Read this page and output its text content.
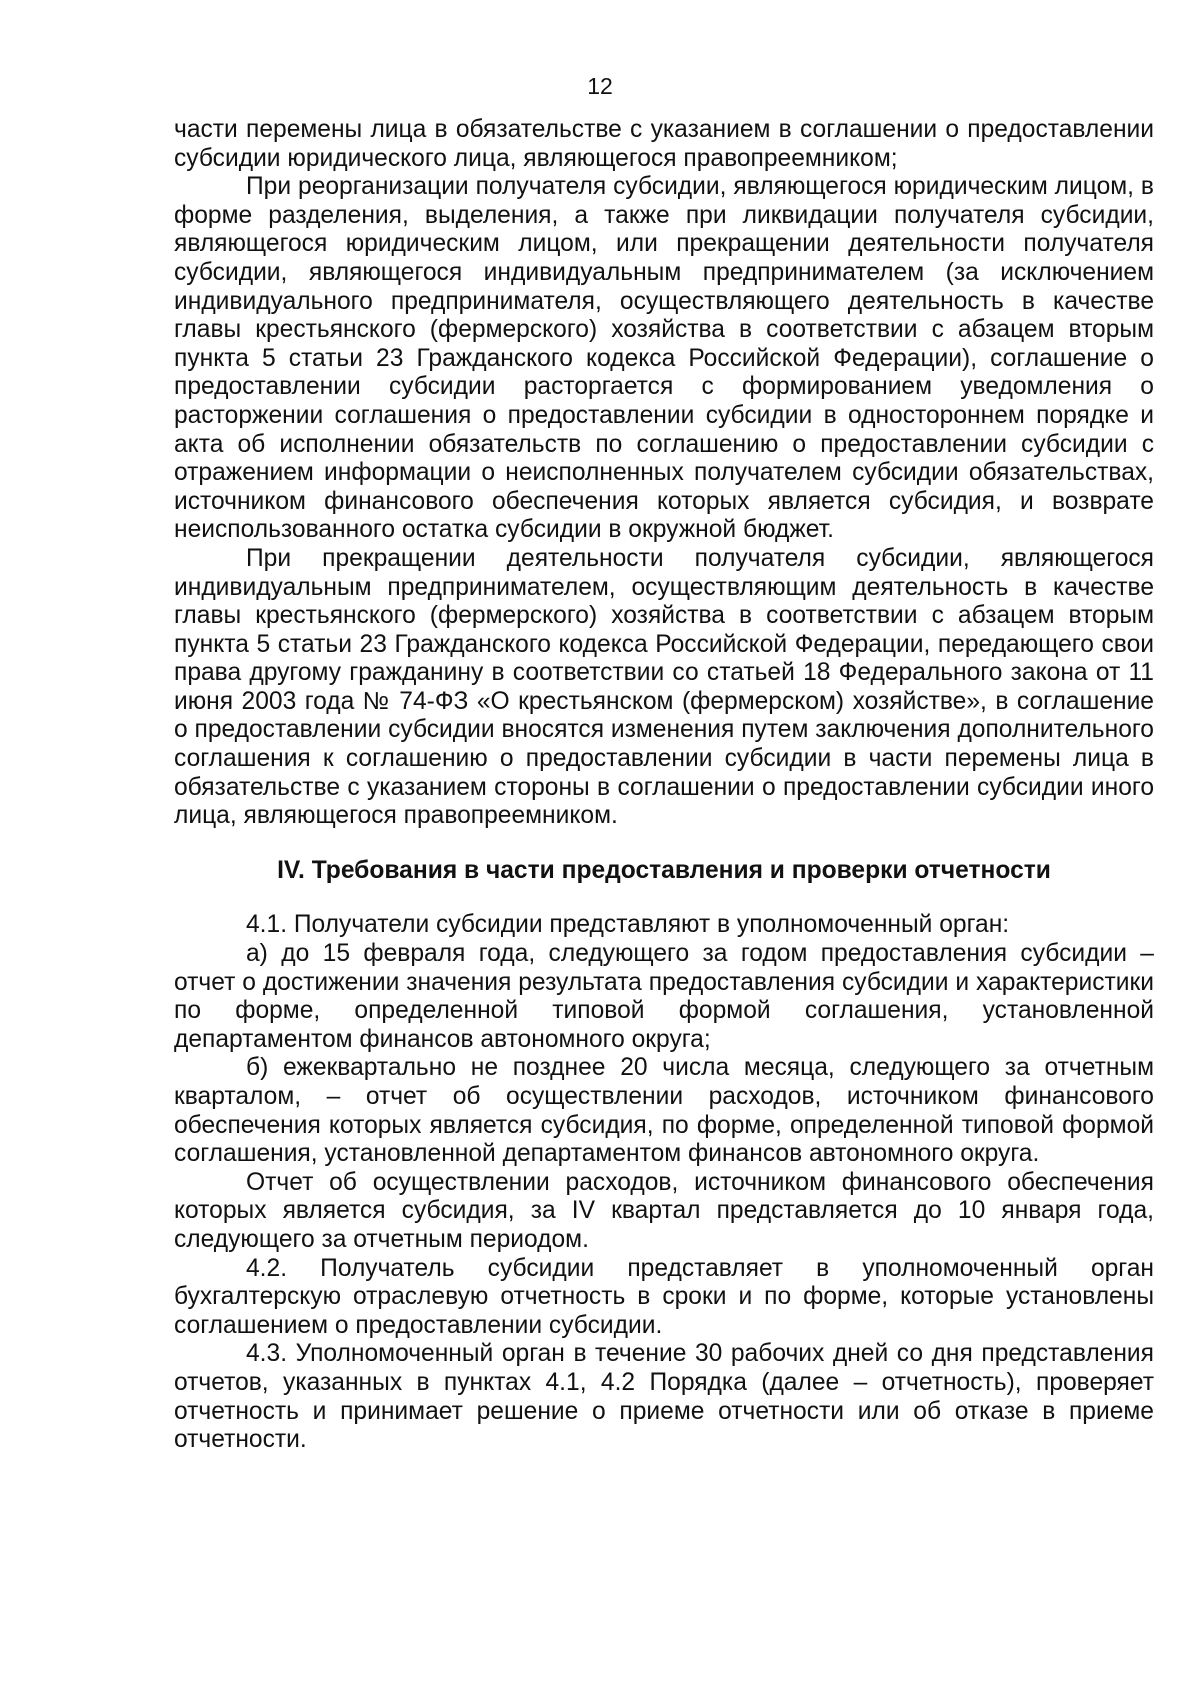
12

части перемены лица в обязательстве с указанием в соглашении о предоставлении субсидии юридического лица, являющегося правопреемником;

При реорганизации получателя субсидии, являющегося юридическим лицом, в форме разделения, выделения, а также при ликвидации получателя субсидии, являющегося юридическим лицом, или прекращении деятельности получателя субсидии, являющегося индивидуальным предпринимателем (за исключением индивидуального предпринимателя, осуществляющего деятельность в качестве главы крестьянского (фермерского) хозяйства в соответствии с абзацем вторым пункта 5 статьи 23 Гражданского кодекса Российской Федерации), соглашение о предоставлении субсидии расторгается с формированием уведомления о расторжении соглашения о предоставлении субсидии в одностороннем порядке и акта об исполнении обязательств по соглашению о предоставлении субсидии с отражением информации о неисполненных получателем субсидии обязательствах, источником финансового обеспечения которых является субсидия, и возврате неиспользованного остатка субсидии в окружной бюджет.

При прекращении деятельности получателя субсидии, являющегося индивидуальным предпринимателем, осуществляющим деятельность в качестве главы крестьянского (фермерского) хозяйства в соответствии с абзацем вторым пункта 5 статьи 23 Гражданского кодекса Российской Федерации, передающего свои права другому гражданину в соответствии со статьей 18 Федерального закона от 11 июня 2003 года № 74-ФЗ «О крестьянском (фермерском) хозяйстве», в соглашение о предоставлении субсидии вносятся изменения путем заключения дополнительного соглашения к соглашению о предоставлении субсидии в части перемены лица в обязательстве с указанием стороны в соглашении о предоставлении субсидии иного лица, являющегося правопреемником.

IV. Требования в части предоставления и проверки отчетности

4.1. Получатели субсидии представляют в уполномоченный орган:

а) до 15 февраля года, следующего за годом предоставления субсидии – отчет о достижении значения результата предоставления субсидии и характеристики по форме, определенной типовой формой соглашения, установленной департаментом финансов автономного округа;

б) ежеквартально не позднее 20 числа месяца, следующего за отчетным кварталом, – отчет об осуществлении расходов, источником финансового обеспечения которых является субсидия, по форме, определенной типовой формой соглашения, установленной департаментом финансов автономного округа.

Отчет об осуществлении расходов, источником финансового обеспечения которых является субсидия, за IV квартал представляется до 10 января года, следующего за отчетным периодом.

4.2. Получатель субсидии представляет в уполномоченный орган бухгалтерскую отраслевую отчетность в сроки и по форме, которые установлены соглашением о предоставлении субсидии.

4.3. Уполномоченный орган в течение 30 рабочих дней со дня представления отчетов, указанных в пунктах 4.1, 4.2 Порядка (далее – отчетность), проверяет отчетность и принимает решение о приеме отчетности или об отказе в приеме отчетности.
